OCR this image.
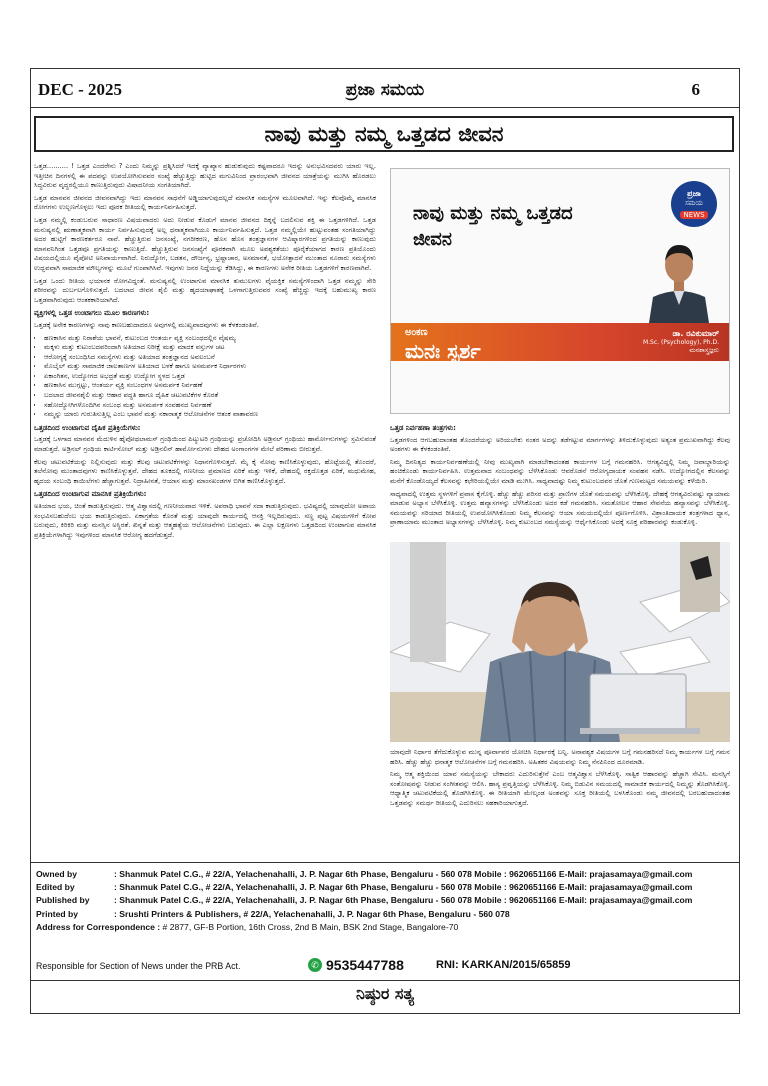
DEC - 2025	ಪ್ರಜಾ ಸಮಯ	6
ನಾವು ಮತ್ತು ನಮ್ಮ ಒತ್ತಡದ ಜೀವನ

ಒತ್ತಡ.......... ! ಒತ್ತಡ ಎಂದರೇನು ? ಎಂದು ನಿಮ್ಮನ್ನು ಪ್ರಶ್ನಿಸಿದರೆ ಇದಕ್ಕೆ ವ್ಯಾಖ್ಯಾನ ಹುಡುಕುವುದು ಕಷ್ಟವಾದರೂ ಇದನ್ನು ಅನುಭವಿಸದವರು ಯಾರು ಇಲ್ಲ. ಇತ್ತೀಚಿನ ದಿನಗಳಲ್ಲಿ ಈ ಪದವನ್ನು ಉಪಯೋಗಿಸುವವರ ಸಂಖ್ಯೆ ಹೆಚ್ಚುತ್ತಿದ್ದು ಹುಟ್ಟಿದ ಮಗುವಿನಿಂದ ಪ್ರಾರಂಭವಾಗಿ ಜೀವನದ ಯಾತ್ರೆಯನ್ನು ಮುಗಿಸಿ ಹೊರಡಲು ಸಿದ್ಧವಿರುವ ವೃದ್ಧರಲ್ಲಿಯೂ ಕಾಣುತ್ತಿರುವುದು ವಿಷಾದನೀಯ ಸಂಗತಿಯಾಗಿದೆ.

ಒತ್ತಡ ಮಾನವನ ಜೀವನದ ಜೀವನವಾಗಿದ್ದು ಇದು ಮಾನವನ ಸಾಧನೆಗೆ ಅಡ್ಡಿಯಾಗುವುದಲ್ಲದೆ ಮಾನಸಿಕ ಸಮಸ್ಯೆಗಳ ಮೂಲವಾಗಿದೆ. ಇನ್ನು ಕೆಲವೊಮ್ಮೆ ಮಾನಸಿಕ ರೋಗಗಳು ಉಲ್ಬಣಗೊಳ್ಳಲು ಇದು ಪೂರಕ ರೀತಿಯಲ್ಲಿ ಕಾರ್ಯನಿರ್ವಹಿಸುತ್ತದೆ.

ಒತ್ತಡ ನಮ್ಮಲ್ಲಿ ಕಂಡುಬರುವ ಸಾಧಾರಣ ವಿಷಯವಾದರು ಅದು ನೀಡುವ ಕೊಡುಗೆ ಮಾನವ ಜೀವನದ ದಿಕ್ಕನ್ನೆ ಬದಲಿಸುವ ಶಕ್ತಿ ಈ ಒತ್ತಡಗಳಿಗಿದೆ. ಒತ್ತಡ ಮನುಷ್ಯನಲ್ಲಿ ಋಣಾತ್ಮಕವಾಗಿ ಕಾರ್ಯ ನಿರ್ವಹಿಸುವುದಕ್ಕೆ ಅಲ್ಲ ಧನಾತ್ಮಕವಾಗಿಯೂ ಕಾರ್ಯನಿರ್ವಹಿಸುತ್ತದೆ. ಒತ್ತಡ ನಮ್ಮಲ್ಲಿಯೇ ಹುಟ್ಟುವಂತಹ ಸಂಗತಿಯಾಗಿದ್ದು ಅದರ ಹುಟ್ಟಿಗೆ ಕಾರಣಕರ್ತರೂ ನಾವೆ. ಹೆಚ್ಚುತ್ತಿರುವ ಜನಸಂಖ್ಯೆ, ನಗರೀಕರಣ, ಹೊಸ ಹೊಸ ತಂತ್ರಜ್ಞಾನಗಳ ಆವಿಷ್ಕಾರಗಳಿಂದ ಪ್ರಗತಿಯನ್ನು ಕಾಣುವುದು ಮಾನವನಿಗಿಂತ ಒತ್ತಡವೂ ಪ್ರಗತಿಯನ್ನು ಕಾಣುತ್ತಿದೆ. ಹೆಚ್ಚುತ್ತಿರುವ ಜನಸಂಖ್ಯೆಗೆ ಪೂರಕವಾಗಿ ಮೂಲ ಅವಶ್ಯಕತೆಯು ಪೂರೈಕೆಯಾಗದ ಕಾರಣ ಪ್ರತಿಯೊಂದು ವಿಷಯದಲ್ಲಿಯೂ ಪೈಪೋಟಿ ಅನಿವಾರ್ಯವಾಗಿದೆ. ನಿರುದ್ಯೋಗ, ಬಡತನ, ದೌರ್ಜನ್ಯ, ಭ್ರಷ್ಟಾಚಾರ, ಅಸಮಾನತೆ, ಭಯೋತ್ಪಾದನೆ ಮುಂತಾದ ನೂರಾರು ಸಮಸ್ಯೆಗಳು ಉದ್ಭವವಾಗಿ ಸಾಮಾಜಿಕ ಮೌಲ್ಯಗಳನ್ನು ಮೂಲೆ ಗುಂಪಾಗಿಸಿವೆ. ಇವುಗಳು ಜನರ ನಿದ್ದೆಯನ್ನು ಕೆಡಿಸಿದ್ದು, ಈ ಕಾರಣಗಳು ಅನೇಕ ರೀತಿಯ ಒತ್ತಡಗಳಿಗೆ ಕಾರಣವಾಗಿವೆ.

ಒತ್ತಡ ಒಂದು ರೀತಿಯ ಭಯಾನಕ ರೋಗವಿದ್ದಂತೆ. ಮನುಷ್ಯನಲ್ಲಿ ಉಂಟಾಗುವ ಮಾನಸಿಕ ತುಮುಲಗಳು ವೈಯಕ್ತಿಕ ಸಮಸ್ಯೆಗಳಿಂದಾಗಿ ಒತ್ತಡ ನಮ್ಮನ್ನು ಸೇರಿ ಶರೀರವನ್ನು ದುರ್ಬಲಗೊಳಿಸುತ್ತದೆ. ಬದಲಾದ ಜೀವನ ಶೈಲಿ ಮತ್ತು ಹೃದಯಾಘಾತಕ್ಕೆ ಒಳಗಾಗುತ್ತಿರುವವರ ಸಂಖ್ಯೆ ಹೆಚ್ಚಿದ್ದು ಇದಕ್ಕೆ ಬಹುಮುಖ್ಯ ಕಾರಣ ಒತ್ತಡವಾಗಿರುವುದು ಆಂತಕಕಾರಿಯಾಗಿದೆ.

ವ್ಯಕ್ತಿಗಳಲ್ಲಿ ಒತ್ತಡ ಉಂಟಾಗಲು ಮೂಲ ಕಾರಣಗಳು:

ಒತ್ತಡಕ್ಕೆ ಅನೇಕ ಕಾರಣಗಳನ್ನು ನಾವು ಕಾಣಬಹುದಾದರೂ ಅವುಗಳಲ್ಲಿ ಮುಖ್ಯವಾದವುಗಳು ಈ ಕೆಳಕಂಡಂತಿವೆ.

• ಹಣಕಾಸಿನ ಮತ್ತು ನಿರಾಶೆಯ ಭಾವನೆ, ಕುಟುಂಬದ ಆಂತರ್ಯ ವ್ಯಕ್ತಿ ಸಂಬಂಧದಲ್ಲಿನ ವೈಷಮ್ಯ
• ಮಕ್ಕಳು ಮತ್ತು ಕುಟುಂಬದವರಿಂದಾಗಿ ಅತಿಯಾದ ನಿರೀಕ್ಷೆ ಮತ್ತು ಮಾದಕ ವಸ್ತುಗಳ ಚಟ
• ಆರೋಗ್ಯಕ್ಕೆ ಸಂಬಂಧಿಸಿದ ಸಮಸ್ಯೆಗಳು ಮತ್ತು ಅತಿಯಾದ ತಂತ್ರಜ್ಞಾನದ ಅವಲಂಬನೆ
• ಮೊಬೈಲ್ ಮತ್ತು ಸಾಮಾಜಿಕ ಜಾಲತಾಣಗಳ ಅತಿಯಾದ ಬಳಕೆ ಹಾಗೂ ಅಸಮರ್ಪಕ ನಿರ್ಧಾರಗಳು
• ಏಕಾಂಗಿತನ, ಉದ್ಯೋಗದ ಅಭದ್ರತೆ ಮತ್ತು ಉದ್ಯೋಗ ಸ್ಥಳದ ಒತ್ತಡ
• ಹಣಕಾಸಿನ ಮುಗ್ಗಟ್ಟು, ಆಂತರ್ಯ ವ್ಯಕ್ತಿ ಸಂಬಂಧಗಳ ಅಸಮರ್ಪಕ ನಿರ್ವಹಣೆ
• ಬದಲಾದ ಜೀವನಶೈಲಿ ಮತ್ತು ಆಹಾರ ಪದ್ಧತಿ ಹಾಗೂ ದೈಹಿಕ ಚಟುವಟಿಕೆಗಳ ಕೊರತೆ
• ಸಹೋದ್ಯೋಗಿಗಳೊಂದಿಗಿನ ಸಂಬಂಧ ಮತ್ತು ಅಸಮರ್ಪಕ ಸಂವಹನದ ನಿರ್ವಹಣೆ
• ನಮ್ಮನ್ನು ಯಾರು ಗುರುತಿಸುತ್ತಿಲ್ಲ ಎಂಬ ಭಾವನೆ ಮತ್ತು ನಕಾರಾತ್ಮಕ ಆಲೋಚನೆಗಳ ಆತಂಕ ವಾತಾವರಣ
ಒತ್ತಡದಿಂದ ಉಂಟಾಗುವ ದೈಹಿಕ ಪ್ರತಿಕ್ರಿಯೆಗಳು:

ಒತ್ತಡಕ್ಕೆ ಒಳಗಾದ ಮಾನವನ ಮೆದುಳಿನ ಹೈಪೋಥಲಾಮಸ್ ಗ್ರಂಥಿಯಿಂದ ಪಿಟ್ಯುಟರಿ ಗ್ರಂಥಿಯನ್ನು ಪ್ರಚೋದಿಸಿ ಅಡ್ರಿನಲ್ ಗ್ರಂಥಿಯು ಹಾರ್ಮೋನುಗಳನ್ನು ಸ್ರವಿಸುವಂತೆ ಮಾಡುತ್ತದೆ. ಅಡ್ರಿನಲ್ ಗ್ರಂಥಿಯ ಕಾರ್ಟಿಸೋಲ್ ಮತ್ತು ಅಡ್ರಿನಲಿನ್ ಹಾರ್ಮೋನುಗಳು ದೇಹದ ಅಂಗಾಂಗಗಳ ಮೇಲೆ ಪರಿಣಾಮ ಬೀರುತ್ತವೆ.

ಕೆಲವು ಚಟುವಟಿಕೆಯನ್ನು ನಿಲ್ಲಿಸುವುದು ಮತ್ತು ಕೆಲವು ಚಟುವಟಿಕೆಗಳನ್ನು ನಿಧಾನಗೊಳಿಸುತ್ತದೆ. ಮೈ ಕೈ ನೋವು ಕಾಣಿಸಿಕೊಳ್ಳುವುದು, ಹೊಟ್ಟೆಯಲ್ಲಿ ತೊಂದರೆ, ತಲೆನೋವು ಮುಂತಾದವುಗಳು ಕಾಣಿಸಿಕೊಳ್ಳುತ್ತವೆ. ದೇಹದ ತೂಕದಲ್ಲಿ ಗಣನೀಯ ಪ್ರಮಾಣದ ಏರಿಕೆ ಮತ್ತು ಇಳಿಕೆ, ದೇಹದಲ್ಲಿ ರಕ್ತದೊತ್ತಡ ಏರಿಕೆ, ಮಧುಮೇಹ, ಹೃದಯ ಸಂಬಂಧಿ ಕಾಯಿಲೆಗಳು ಹೆಚ್ಚಾಗುತ್ತವೆ. ನಿದ್ರಾಹೀನತೆ, ಆಯಾಸ ಮತ್ತು ಮಾಂಸಖಂಡಗಳ ಬಿಗಿತ ಕಾಣಿಸಿಕೊಳ್ಳುತ್ತದೆ.

ಒತ್ತಡದಿಂದ ಉಂಟಾಗುವ ಮಾನಸಿಕ ಪ್ರತಿಕ್ರಿಯೆಗಳು:

ಅತಿಯಾದ ಭಯ, ಚಿಂತೆ ಕಾಡುತ್ತಿರುವುದು. ಆತ್ಮ ವಿಶ್ವಾಸದಲ್ಲಿ ಗಣನೀಯವಾದ ಇಳಿಕೆ. ಅಪರಾಧಿ ಭಾವನೆ ಸದಾ ಕಾಡುತ್ತಿರುವುದು. ಭವಿಷ್ಯದಲ್ಲಿ ಯಾವುದೋ ಅಪಾಯ ಸಂಭವಿಸಬಹುದೆಂಬ ಭಯ ಕಾಡುತ್ತಿರುವುದು. ಏಕಾಗ್ರತೆಯ ಕೊರತೆ ಮತ್ತು ಯಾವುದೇ ಕಾರ್ಯದಲ್ಲಿ ಆಸಕ್ತಿ ಇಲ್ಲದಿರುವುದು. ಸಣ್ಣ ಪುಟ್ಟ ವಿಷಯಗಳಿಗೆ ಕೋಪ ಬರುವುದು, ಕಿರಿಕಿರಿ ಮತ್ತು ಮನಸ್ಸಿನ ಅಸ್ಥಿರತೆ. ಖಿನ್ನತೆ ಮತ್ತು ಆತ್ಮಹತ್ಯೆಯ ಆಲೋಚನೆಗಳು ಬರುವುದು. ಈ ಎಲ್ಲಾ ಲಕ್ಷಣಗಳು ಒತ್ತಡದಿಂದ ಉಂಟಾಗುವ ಮಾನಸಿಕ ಪ್ರತಿಕ್ರಿಯೆಗಳಾಗಿದ್ದು ಇವುಗಳಿಂದ ಮಾನಸಿಕ ಆರೋಗ್ಯ ಹದಗೆಡುತ್ತದೆ.

ನಾವು ಮತ್ತು ನಮ್ಮ ಒತ್ತಡದ ಜೀವನ
ಪ್ರಜಾ
ಸಮಯ
NEWS
ಅಂಕಣ
ಮನಃ ಸ್ಪರ್ಶ
ಡಾ. ರವಿಕುಮಾರ್
M.Sc. (Psychology), Ph.D.
ಮನಶಾಸ್ತ್ರಜ್ಞರು
ಒತ್ತಡ ನಿರ್ವಹಣಾ ತಂತ್ರಗಳು:

ಒತ್ತಡಗಳಿಂದ ಆಗಬಹುದಾಂತಹ ತೊಂದರೆಯನ್ನು ಅರಿಯಬೇಕು ನಂತರ ಅದನ್ನು ತಡೆಗಟ್ಟುವ ಮಾರ್ಗಗಳನ್ನು ತಿಳಿದುಕೊಳ್ಳುವುದು ಅತ್ಯಂತ ಪ್ರಮುಖವಾಗಿದ್ದು ಕೆಲವು ಅಂಶಗಳು ಈ ಕೆಳಕಂಡಂತಿವೆ.

ನಿಮ್ಮ ದಿನನಿತ್ಯದ ಕಾರ್ಯನಿರ್ವಹಣೆಯಲ್ಲಿ ನೀವು ಮುಖ್ಯವಾಗಿ ಮಾಡಬೇಕಾದಂತಹ ಕಾರ್ಯಗಳ ಬಗ್ಗೆ ಗಮನಹರಿಸಿ. ಆಗತ್ಯವಿದ್ದಲ್ಲಿ ನಿಮ್ಮ ಜವಾಬ್ದಾರಿಯನ್ನು ಹಂಚಿಕೊಂಡು ಕಾರ್ಯನಿರ್ವಹಿಸಿ. ಉತ್ತಮವಾದ ಸಂಬಂಧವನ್ನು ಬೆಳೆಸಿಕೊಂಡು ಆವರೊಡನೆ ಆರೋಗ್ಯದಾಯಕ ಸಂವಹನ ನಡೆಸಿ. ಉದ್ಯೋಗದಲ್ಲಿನ ಕೆಲಸವನ್ನು ಮನೆಗೆ ಕೊಂಡೊಯ್ಯದೆ ಕೆಲಸವನ್ನು ಕಛೇರಿಯಲ್ಲಿಯೇ ಮಾಡಿ ಮುಗಿಸಿ. ಸಾಧ್ಯವಾದಷ್ಟು ನಿಮ್ಮ ಕುಟುಂಬದವರ ಜೊತೆ ಗುಣಮಟ್ಟದ ಸಮಯವನ್ನು ಕಳೆಯಿರಿ.

ಸಾಧ್ಯವಾದಲ್ಲಿ ಉತ್ತಮ ಸ್ಥಳಗಳಿಗೆ ಪ್ರವಾಸ ಕೈಗೊಳ್ಳಿ. ಹೆಚ್ಚು ಹೆಚ್ಚು ಪರಿಸರ ಮತ್ತು ಪ್ರಾಣಿಗಳ ಜೊತೆ ಸಮಯವನ್ನು ಬೆಳೆಸಿಕೊಳ್ಳಿ. ದೇಹಕ್ಕೆ ಆಗತ್ಯವಿರುವಷ್ಟು ವ್ಯಾಯಾಮ ಮಾಡುವ ಅಭ್ಯಾಸ ಬೆಳೆಸಿಕೊಳ್ಳಿ. ಉತ್ತಮ ಹವ್ಯಾಸಗಳನ್ನು ಬೆಳೆಸಿಕೊಂಡು ಅದರ ಕಡೆ ಗಮನಹರಿಸಿ. ಸಮತೋಲನ ಆಹಾರ ಸೇವನೆಯ ಹವ್ಯಾಸವನ್ನು ಬೆಳೆಸಿಕೊಳ್ಳಿ. ಸಮಯವನ್ನು ಸರಿಯಾದ ರೀತಿಯಲ್ಲಿ ಉಪಯೋಗಿಸಿಕೊಂಡು ನಿಮ್ಮ ಕೆಲಸವನ್ನು ಆಯಾ ಸಮಯದಲ್ಲಿಯೇ ಪೂರ್ಣಗೊಳಿಸಿ. ವಿಶ್ರಾಂತಿದಾಯಕ ತಂತ್ರಗಳಾದ ಧ್ಯಾನ, ಪ್ರಾಣಾಯಾಮ ಮುಂತಾದ ಅಭ್ಯಾಸಗಳನ್ನು ಬೆಳೆಸಿಕೊಳ್ಳಿ. ನಿಮ್ಮ ಕುಟುಂಬದ ಸಮಸ್ಯೆಯನ್ನು ಆರ್ಥೈಸಿಕೊಂಡು ಅದಕ್ಕೆ ಸೂಕ್ತ ಪರಿಹಾರವನ್ನು ಕಂಡುಕೊಳ್ಳಿ.

ಯಾವುದೇ ನಿರ್ಧಾರ ತೆಗೆದುಕೊಳ್ಳುವ ಮುನ್ನ ಪೂರ್ವಾಪರ ಯೋಚಿಸಿ ನಿರ್ಧಾರಕ್ಕೆ ಬನ್ನಿ. ಅನಾವಶ್ಯಕ ವಿಷಯಗಳ ಬಗ್ಗೆ ಗಮನಹರಿಸದೆ ನಿಮ್ಮ ಕಾರ್ಯಗಳ ಬಗ್ಗೆ ಗಮನ ಹರಿಸಿ. ಹೆಚ್ಚು ಹೆಚ್ಚು ಧನಾತ್ಮಕ ಆಲೋಚನೆಗಳ ಬಗ್ಗೆ ಗಮನಹರಿಸಿ. ಅಹಿತಕರ ವಿಷಯವನ್ನು ನಿಮ್ಮ ನೆನಪಿನಿಂದ ದೂರಮಾಡಿ.

ನಿಮ್ಮ ಆತ್ಮ ಶಕ್ತಿಯಿಂದ ಯಾವ ಸಮಸ್ಯೆಯನ್ನು ಬೇಕಾದರು ಎದುರಿಸುತ್ತೇನೆ ಎಂಬ ಆತ್ಮವಿಶ್ವಾಸ ಬೆಳೆಸಿಕೊಳ್ಳಿ. ಸಾತ್ವಿಕ ಆಹಾರವನ್ನು ಹೆಚ್ಚಾಗಿ ಸೇವಿಸಿ. ಮನಸ್ಸಿಗೆ ಸಂತೋಷವನ್ನು ನೀಡುವ ಸಂಗೀತವನ್ನು ಆಲಿಸಿ. ಹಾಸ್ಯ ಪ್ರವೃತ್ತಿಯನ್ನು ಬೆಳೆಸಿಕೊಳ್ಳಿ. ನಿಮ್ಮ ಬಿಡುವಿನ ಸಮಯದಲ್ಲಿ ಸಾಮಾಜಿಕ ಕಾರ್ಯದಲ್ಲಿ ನಿಮ್ಮನ್ನು ತೊಡಗಿಸಿಕೊಳ್ಳಿ. ಆಧ್ಯಾತ್ಮಿಕ ಚಟುವಟಿಕೆಯಲ್ಲಿ ತೊಡಗಿಸಿಕೊಳ್ಳಿ. ಈ ರೀತಿಯಾಗಿ ಮೇಲ್ಕಂಡ ಅಂಶವನ್ನು ಸೂಕ್ತ ರೀತಿಯಲ್ಲಿ ಬಳಸಿಕೊಂಡು ನಮ್ಮ ಜೀವನದಲ್ಲಿ ಬರಬಹುದಾದಂತಹ ಒತ್ತಡವನ್ನು ಸಮರ್ಥ ರೀತಿಯಲ್ಲಿ ಎದುರಿಸಲು ಸಹಕಾರಿಯಾಗುತ್ತದೆ.

Owned by	: Shanmuk Patel C.G., # 22/A, Yelachenahalli, J. P. Nagar 6th Phase, Bengaluru - 560 078 Mobile : 9620651166 E-Mail: prajasamaya@gmail.com
Edited by	: Shanmuk Patel C.G., # 22/A, Yelachenahalli, J. P. Nagar 6th Phase, Bengaluru - 560 078 Mobile : 9620651166 E-Mail: prajasamaya@gmail.com
Published by	: Shanmuk Patel C.G., # 22/A, Yelachenahalli, J. P. Nagar 6th Phase, Bengaluru - 560 078 Mobile : 9620651166 E-Mail: prajasamaya@gmail.com
Printed by	: Srushti Printers & Publishers, # 22/A, Yelachenahalli, J. P. Nagar 6th Phase, Bengaluru - 560 078
Address for Correspondence : # 2877, GF-B Portion, 16th Cross, 2nd B Main, BSK 2nd Stage, Bangalore-70
Responsible for Section of News under the PRB Act.	✆ 9535447788	RNI: KARKAN/2015/65859
ನಿಷ್ಠುರ ಸತ್ಯ
